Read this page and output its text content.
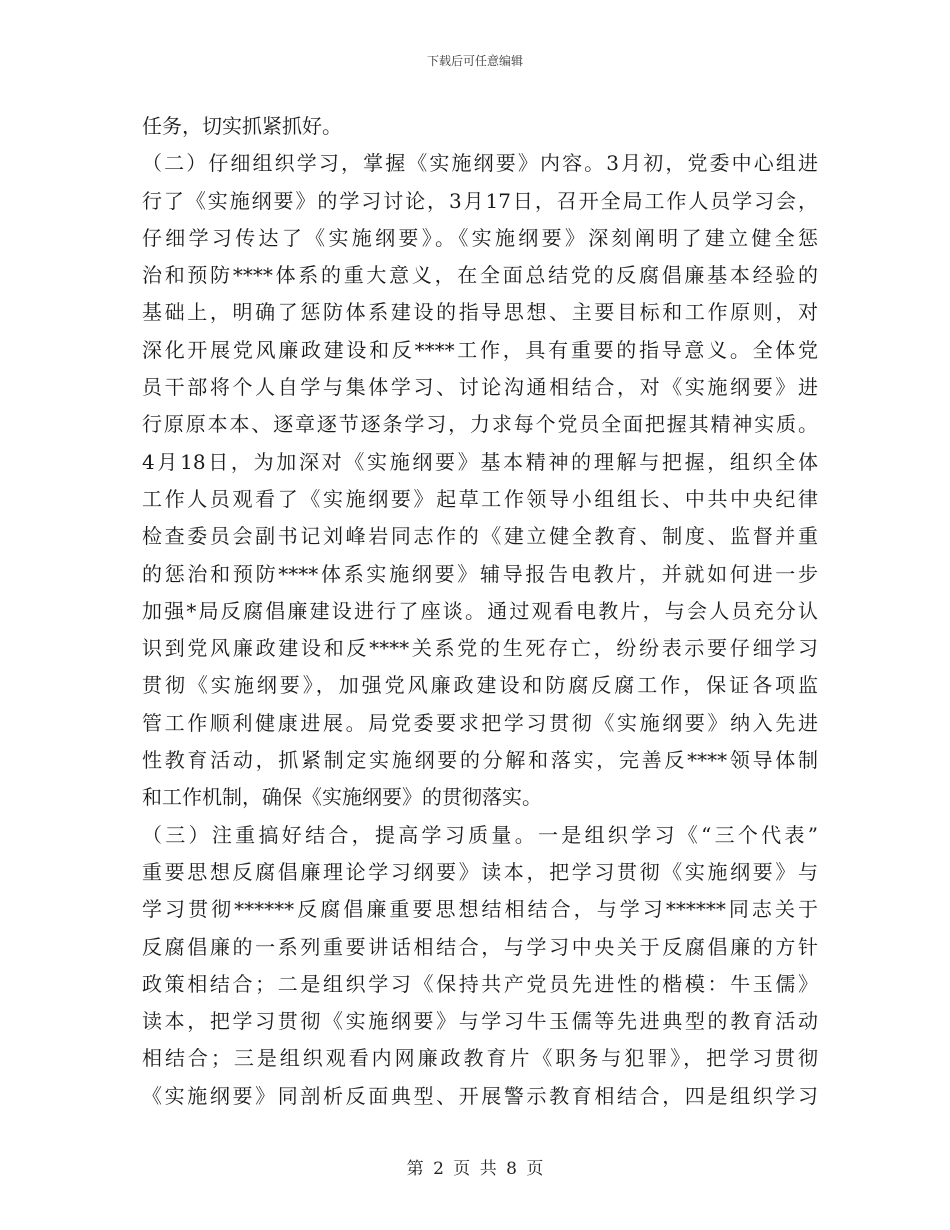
下载后可任意编辑
任务，切实抓紧抓好。
（二）仔细组织学习，掌握《实施纲要》内容。3月初，党委中心组进
行了《实施纲要》的学习讨论，3月17日，召开全局工作人员学习会，
仔细学习传达了《实施纲要》。《实施纲要》深刻阐明了建立健全惩
治和预防****体系的重大意义，在全面总结党的反腐倡廉基本经验的
基础上，明确了惩防体系建设的指导思想、主要目标和工作原则，对
深化开展党风廉政建设和反****工作，具有重要的指导意义。全体党
员干部将个人自学与集体学习、讨论沟通相结合，对《实施纲要》进
行原原本本、逐章逐节逐条学习，力求每个党员全面把握其精神实质。
4月18日，为加深对《实施纲要》基本精神的理解与把握，组织全体
工作人员观看了《实施纲要》起草工作领导小组组长、中共中央纪律
检查委员会副书记刘峰岩同志作的《建立健全教育、制度、监督并重
的惩治和预防****体系实施纲要》辅导报告电教片，并就如何进一步
加强*局反腐倡廉建设进行了座谈。通过观看电教片，与会人员充分认
识到党风廉政建设和反****关系党的生死存亡，纷纷表示要仔细学习
贯彻《实施纲要》，加强党风廉政建设和防腐反腐工作，保证各项监
管工作顺利健康进展。局党委要求把学习贯彻《实施纲要》纳入先进
性教育活动，抓紧制定实施纲要的分解和落实，完善反****领导体制
和工作机制，确保《实施纲要》的贯彻落实。
（三）注重搞好结合，提高学习质量。一是组织学习《“三个代表”
重要思想反腐倡廉理论学习纲要》读本，把学习贯彻《实施纲要》与
学习贯彻******反腐倡廉重要思想结相结合，与学习******同志关于
反腐倡廉的一系列重要讲话相结合，与学习中央关于反腐倡廉的方针
政策相结合；二是组织学习《保持共产党员先进性的楷模：牛玉儒》
读本，把学习贯彻《实施纲要》与学习牛玉儒等先进典型的教育活动
相结合；三是组织观看内网廉政教育片《职务与犯罪》，把学习贯彻
《实施纲要》同剖析反面典型、开展警示教育相结合，四是组织学习
第 2 页 共 8 页
